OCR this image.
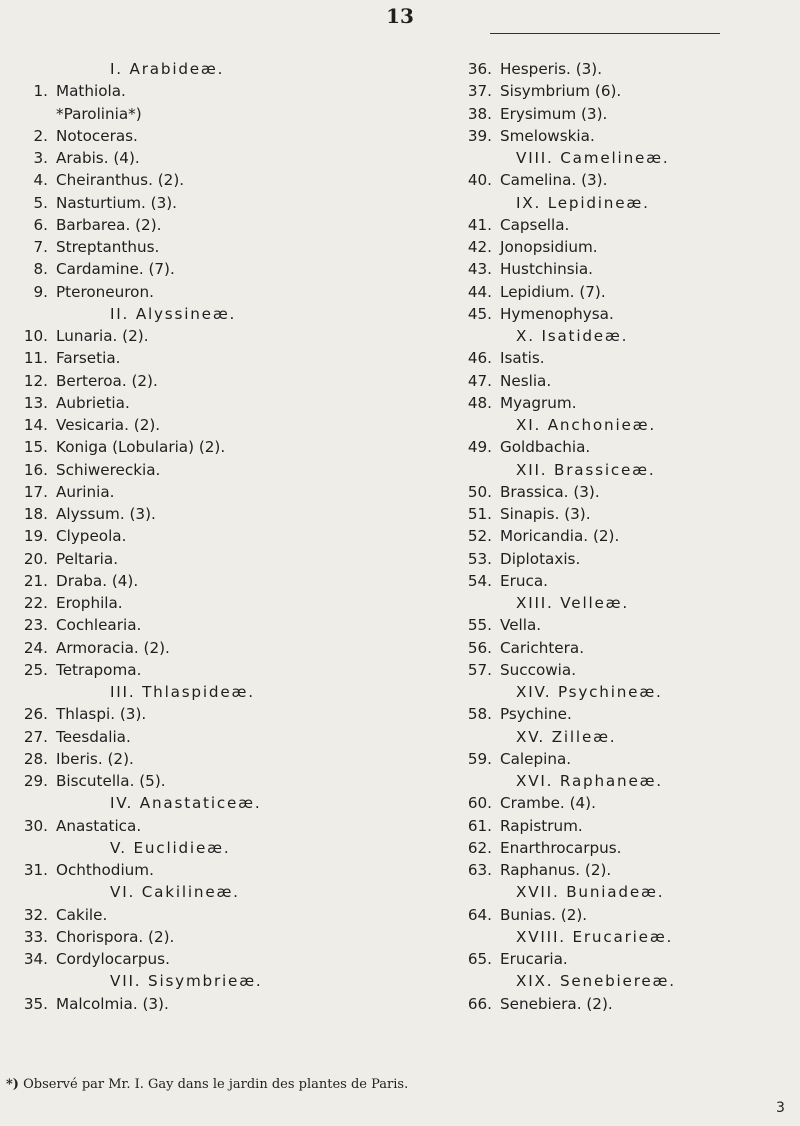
13
I. Arabideæ.
1. Mathiola.
*Parolinia*)
2. Notoceras.
3. Arabis. (4).
4. Cheiranthus. (2).
5. Nasturtium. (3).
6. Barbarea. (2).
7. Streptanthus.
8. Cardamine. (7).
9. Pteroneuron.
II. Alyssineæ.
10. Lunaria. (2).
11. Farsetia.
12. Berteroa. (2).
13. Aubrietia.
14. Vesicaria. (2).
15. Koniga (Lobularia) (2).
16. Schiwereckia.
17. Aurinia.
18. Alyssum. (3).
19. Clypeola.
20. Peltaria.
21. Draba. (4).
22. Erophila.
23. Cochlearia.
24. Armoracia. (2).
25. Tetrapoma.
III. Thlaspideæ.
26. Thlaspi. (3).
27. Teesdalia.
28. Iberis. (2).
29. Biscutella. (5).
IV. Anastaticeæ.
30. Anastatica.
V. Euclidieæ.
31. Ochthodium.
VI. Cakilineæ.
32. Cakile.
33. Chorispora. (2).
34. Cordylocarpus.
VII. Sisymbrieæ.
35. Malcolmia. (3).
36. Hesperis. (3).
37. Sisymbrium (6).
38. Erysimum (3).
39. Smelowskia.
VIII. Camelineæ.
40. Camelina. (3).
IX. Lepidineæ.
41. Capsella.
42. Jonopsidium.
43. Hustchinsia.
44. Lepidium. (7).
45. Hymenophysa.
X. Isatideæ.
46. Isatis.
47. Neslia.
48. Myagrum.
XI. Anchonieæ.
49. Goldbachia.
XII. Brassiceæ.
50. Brassica. (3).
51. Sinapis. (3).
52. Moricandia. (2).
53. Diplotaxis.
54. Eruca.
XIII. Velleæ.
55. Vella.
56. Carichtera.
57. Succowia.
XIV. Psychineæ.
58. Psychine.
XV. Zilleæ.
59. Calepina.
XVI. Raphaneæ.
60. Crambe. (4).
61. Rapistrum.
62. Enarthrocarpus.
63. Raphanus. (2).
XVII. Buniadeæ.
64. Bunias. (2).
XVIII. Erucarieæ.
65. Erucaria.
XIX. Senebiereæ.
66. Senebiera. (2).
*) Observé par Mr. I. Gay dans le jardin des plantes de Paris.
3
